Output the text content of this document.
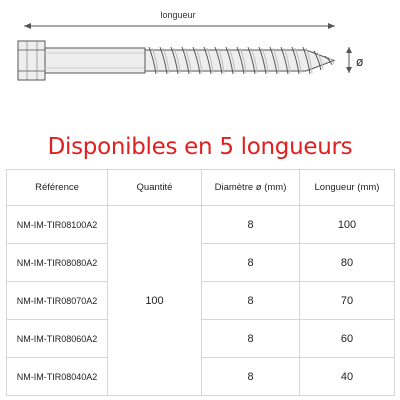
longueur
ø
Disponibles en 5 longueurs
Référence	Quantité	Diamètre ø (mm)	Longueur (mm)
NM-IM-TIR08100A2	100	8	100
NM-IM-TIR08080A2		8	80
NM-IM-TIR08070A2		8	70
NM-IM-TIR08060A2		8	60
NM-IM-TIR08040A2		8	40
